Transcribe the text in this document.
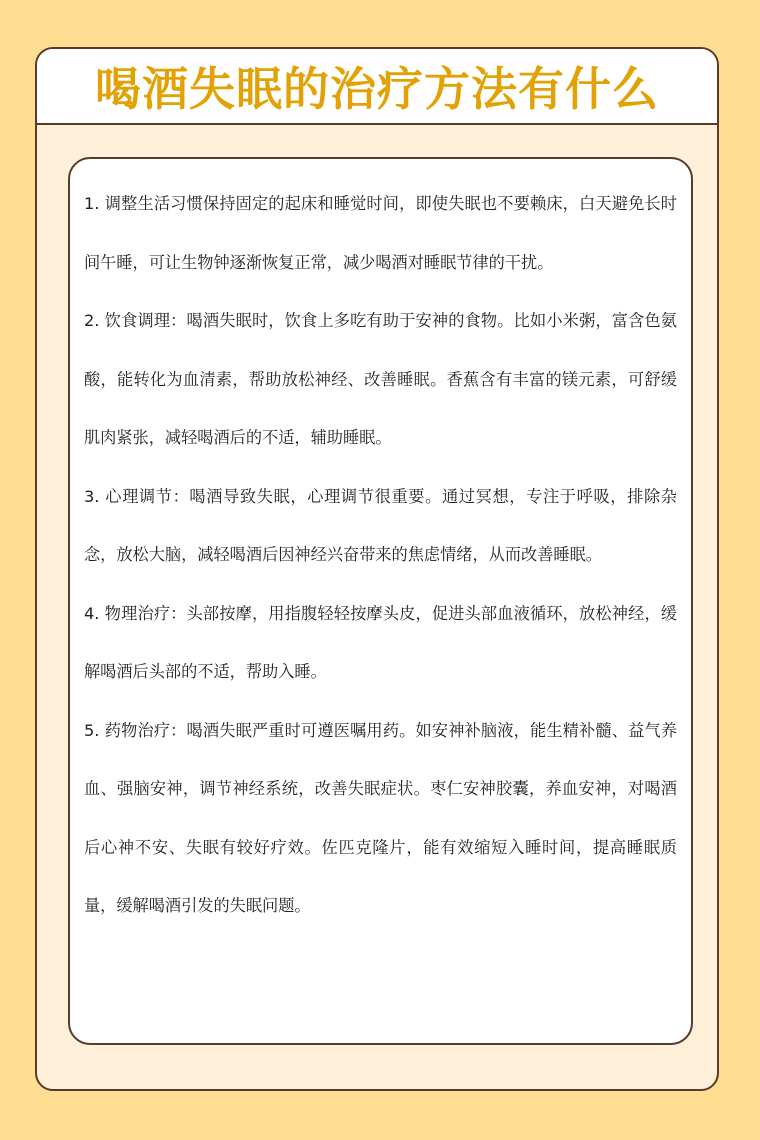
喝酒失眠的治疗方法有什么

1. 调整生活习惯保持固定的起床和睡觉时间，即使失眠也不要赖床，白天避免长时间午睡，可让生物钟逐渐恢复正常，减少喝酒对睡眠节律的干扰。

2. 饮食调理：喝酒失眠时，饮食上多吃有助于安神的食物。比如小米粥，富含色氨酸，能转化为血清素，帮助放松神经、改善睡眠。香蕉含有丰富的镁元素，可舒缓肌肉紧张，减轻喝酒后的不适，辅助睡眠。

3. 心理调节：喝酒导致失眠，心理调节很重要。通过冥想，专注于呼吸，排除杂念，放松大脑，减轻喝酒后因神经兴奋带来的焦虑情绪，从而改善睡眠。

4. 物理治疗：头部按摩，用指腹轻轻按摩头皮，促进头部血液循环，放松神经，缓解喝酒后头部的不适，帮助入睡。

5. 药物治疗：喝酒失眠严重时可遵医嘱用药。如安神补脑液，能生精补髓、益气养血、强脑安神，调节神经系统，改善失眠症状。枣仁安神胶囊，养血安神，对喝酒后心神不安、失眠有较好疗效。佐匹克隆片，能有效缩短入睡时间，提高睡眠质量，缓解喝酒引发的失眠问题。
